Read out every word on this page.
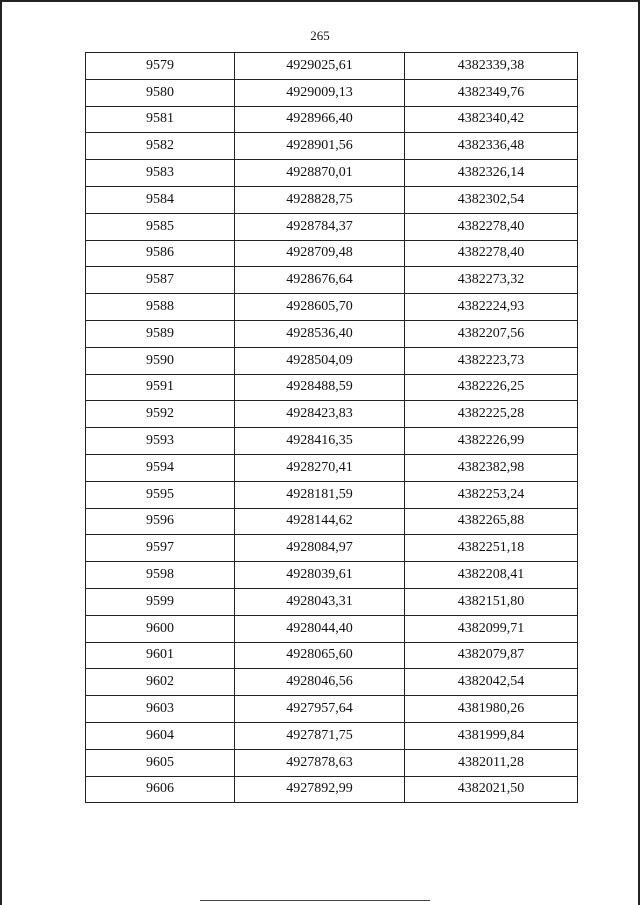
265
9579	4929025,61	4382339,38
9580	4929009,13	4382349,76
9581	4928966,40	4382340,42
9582	4928901,56	4382336,48
9583	4928870,01	4382326,14
9584	4928828,75	4382302,54
9585	4928784,37	4382278,40
9586	4928709,48	4382278,40
9587	4928676,64	4382273,32
9588	4928605,70	4382224,93
9589	4928536,40	4382207,56
9590	4928504,09	4382223,73
9591	4928488,59	4382226,25
9592	4928423,83	4382225,28
9593	4928416,35	4382226,99
9594	4928270,41	4382382,98
9595	4928181,59	4382253,24
9596	4928144,62	4382265,88
9597	4928084,97	4382251,18
9598	4928039,61	4382208,41
9599	4928043,31	4382151,80
9600	4928044,40	4382099,71
9601	4928065,60	4382079,87
9602	4928046,56	4382042,54
9603	4927957,64	4381980,26
9604	4927871,75	4381999,84
9605	4927878,63	4382011,28
9606	4927892,99	4382021,50
